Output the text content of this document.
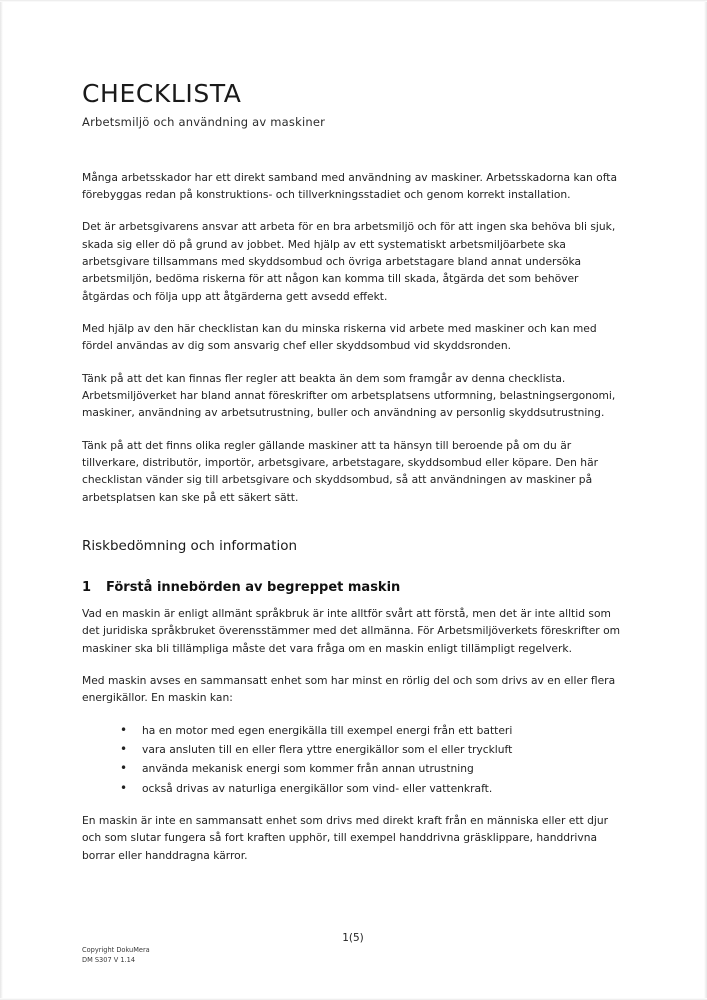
CHECKLISTA
Arbetsmiljö och användning av maskiner

Många arbetsskador har ett direkt samband med användning av maskiner. Arbetsskadorna kan ofta förebyggas redan på konstruktions- och tillverkningsstadiet och genom korrekt installation.

Det är arbetsgivarens ansvar att arbeta för en bra arbetsmiljö och för att ingen ska behöva bli sjuk, skada sig eller dö på grund av jobbet. Med hjälp av ett systematiskt arbetsmiljöarbete ska arbetsgivare tillsammans med skyddsombud och övriga arbetstagare bland annat undersöka arbetsmiljön, bedöma riskerna för att någon kan komma till skada, åtgärda det som behöver åtgärdas och följa upp att åtgärderna gett avsedd effekt.

Med hjälp av den här checklistan kan du minska riskerna vid arbete med maskiner och kan med fördel användas av dig som ansvarig chef eller skyddsombud vid skyddsronden.

Tänk på att det kan finnas fler regler att beakta än dem som framgår av denna checklista. Arbetsmiljöverket har bland annat föreskrifter om arbetsplatsens utformning, belastningsergonomi, maskiner, användning av arbetsutrustning, buller och användning av personlig skyddsutrustning.

Tänk på att det finns olika regler gällande maskiner att ta hänsyn till beroende på om du är tillverkare, distributör, importör, arbetsgivare, arbetstagare, skyddsombud eller köpare. Den här checklistan vänder sig till arbetsgivare och skyddsombud, så att användningen av maskiner på arbetsplatsen kan ske på ett säkert sätt.

Riskbedömning och information
1 Förstå innebörden av begreppet maskin

Vad en maskin är enligt allmänt språkbruk är inte alltför svårt att förstå, men det är inte alltid som det juridiska språkbruket överensstämmer med det allmänna. För Arbetsmiljöverkets föreskrifter om maskiner ska bli tillämpliga måste det vara fråga om en maskin enligt tillämpligt regelverk.

Med maskin avses en sammansatt enhet som har minst en rörlig del och som drivs av en eller flera energikällor. En maskin kan:

• ha en motor med egen energikälla till exempel energi från ett batteri
• vara ansluten till en eller flera yttre energikällor som el eller tryckluft
• använda mekanisk energi som kommer från annan utrustning
• också drivas av naturliga energikällor som vind- eller vattenkraft.

En maskin är inte en sammansatt enhet som drivs med direkt kraft från en människa eller ett djur och som slutar fungera så fort kraften upphör, till exempel handdrivna gräsklippare, handdrivna borrar eller handdragna kärror.

1(5)
Copyright DokuMera
DM S307 V 1.14
